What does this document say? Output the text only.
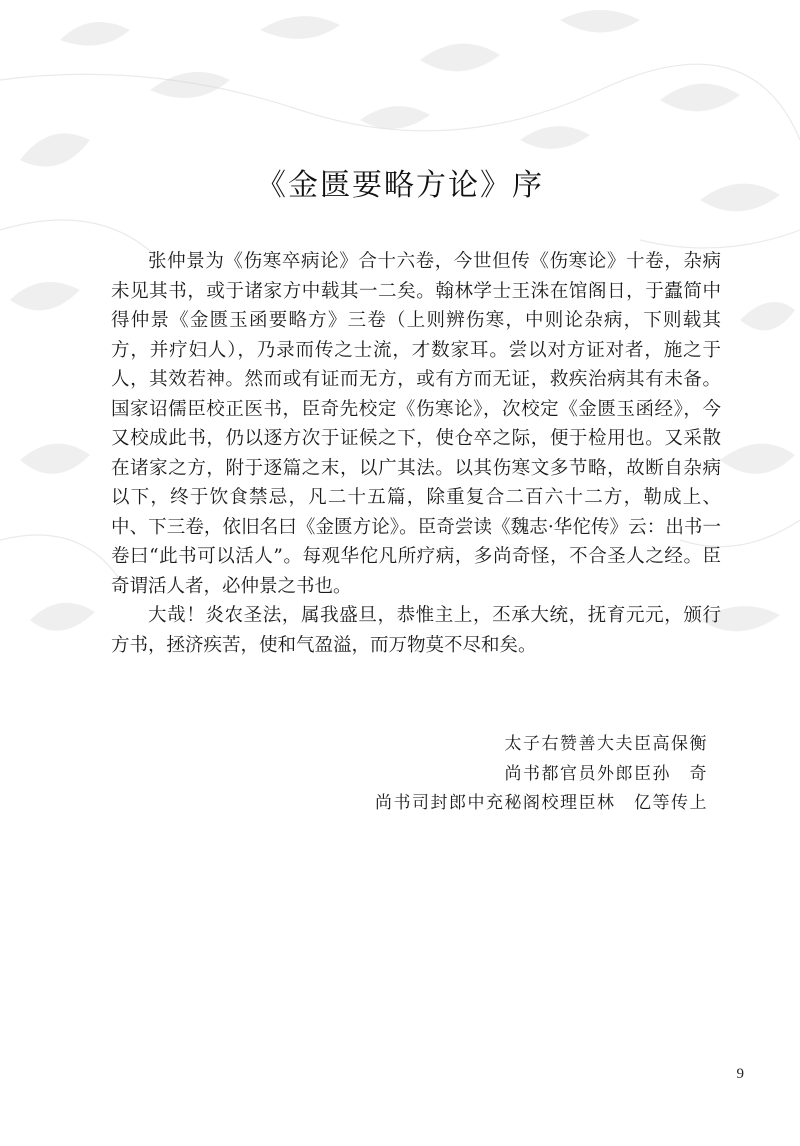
《金匮要略方论》序

张仲景为《伤寒卒病论》合十六卷，今世但传《伤寒论》十卷，杂病未见其书，或于诸家方中载其一二矣。翰林学士王洙在馆阁日，于蠹简中得仲景《金匮玉函要略方》三卷（上则辨伤寒，中则论杂病，下则载其方，并疗妇人），乃录而传之士流，才数家耳。尝以对方证对者，施之于人，其效若神。然而或有证而无方，或有方而无证，救疾治病其有未备。国家诏儒臣校正医书，臣奇先校定《伤寒论》，次校定《金匮玉函经》，今又校成此书，仍以逐方次于证候之下，使仓卒之际，便于检用也。又采散在诸家之方，附于逐篇之末，以广其法。以其伤寒文多节略，故断自杂病以下，终于饮食禁忌，凡二十五篇，除重复合二百六十二方，勒成上、中、下三卷，依旧名曰《金匮方论》。臣奇尝读《魏志·华佗传》云：出书一卷曰“此书可以活人”。每观华佗凡所疗病，多尚奇怪，不合圣人之经。臣奇谓活人者，必仲景之书也。

大哉！炎农圣法，属我盛旦，恭惟主上，丕承大统，抚育元元，颁行方书，拯济疾苦，使和气盈溢，而万物莫不尽和矣。

太子右赞善大夫臣高保衡
尚书都官员外郎臣孙　奇
尚书司封郎中充秘阁校理臣林　亿等传上
9
